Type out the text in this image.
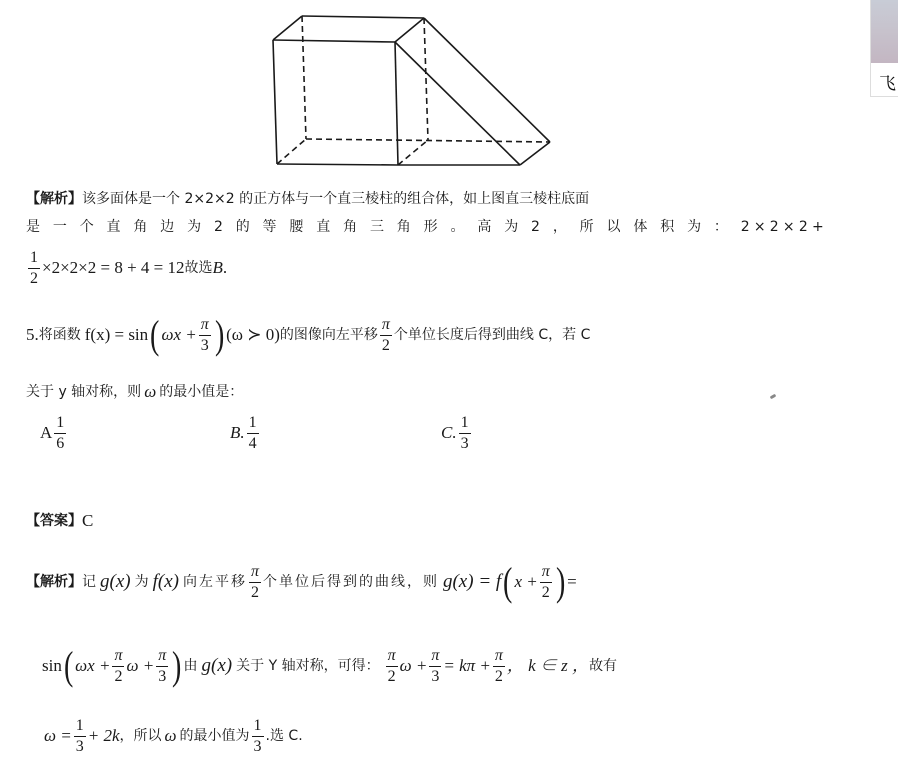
【解析】 该多面体是一个 2×2×2 的正方体与一个直三棱柱的组合体，如上图直三棱柱底面
是 一 个 直 角 边 为 2 的 等 腰 直 角 三 角 形 。 高 为 2 ， 所 以 体 积 为 ： 2×2×2+
$\frac{1}{2} \times 2\times 2\times 2 = 8 + 4 = 12$ 故选 B .
5. 将函数 f(x) = sin ( $\omega x + \frac{\pi}{3}$ ) (ω ≻ 0) 的图像向左平移 $\frac{\pi}{2}$ 个单位长度后得到曲线 C，若 C
关于 y 轴对称，则 ω 的最小值是：
A $\frac{1}{6}$	B. $\frac{1}{4}$	C. $\frac{1}{3}$
【答案】 C
【解析】 记 g(x) 为 f(x) 向左平移 $\frac{\pi}{2}$ 个单位后得到的曲线，则 g(x) = f ( $x + \frac{\pi}{2}$ ) =
sin ( $\omega x + \frac{\pi}{2}$ $\omega + \frac{\pi}{3}$ ) 由 g(x) 关于 Y 轴对称，可得： $\frac{\pi}{2}$ $\omega + \frac{\pi}{3} = k\pi + \frac{\pi}{2}$ ， k ∈ z ， 故有
$\omega = \frac{1}{3} + 2k$ ，所以 ω 的最小值为 $\frac{1}{3}$ .选 C.
飞
